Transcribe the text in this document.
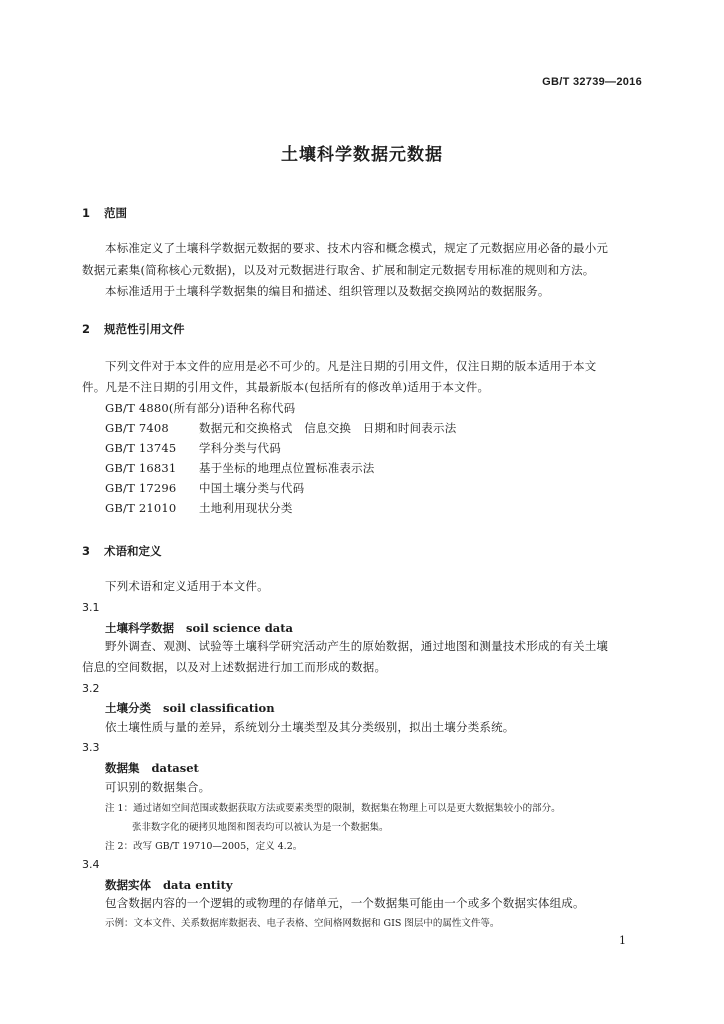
GB/T 32739—2016
土壤科学数据元数据
1 范围
本标准定义了土壤科学数据元数据的要求、技术内容和概念模式，规定了元数据应用必备的最小元
数据元素集(简称核心元数据)，以及对元数据进行取舍、扩展和制定元数据专用标准的规则和方法。
本标准适用于土壤科学数据集的编目和描述、组织管理以及数据交换网站的数据服务。
2 规范性引用文件
下列文件对于本文件的应用是必不可少的。凡是注日期的引用文件，仅注日期的版本适用于本文
件。凡是不注日期的引用文件，其最新版本(包括所有的修改单)适用于本文件。
GB/T 4880(所有部分)语种名称代码
GB/T 7408	数据元和交换格式　信息交换　日期和时间表示法
GB/T 13745 学科分类与代码
GB/T 16831 基于坐标的地理点位置标准表示法
GB/T 17296 中国土壤分类与代码
GB/T 21010 土地利用现状分类
3 术语和定义
下列术语和定义适用于本文件。
3.1
土壤科学数据 soil science data
野外调查、观测、试验等土壤科学研究活动产生的原始数据，通过地图和测量技术形成的有关土壤
信息的空间数据，以及对上述数据进行加工而形成的数据。
3.2
土壤分类 soil classification
依土壤性质与量的差异，系统划分土壤类型及其分类级别，拟出土壤分类系统。
3.3
数据集 dataset
可识别的数据集合。
注 1：通过诸如空间范围或数据获取方法或要素类型的限制，数据集在物理上可以是更大数据集较小的部分。
张非数字化的硬拷贝地图和图表均可以被认为是一个数据集。
注 2：改写 GB/T 19710—2005，定义 4.2。
3.4
数据实体 data entity
包含数据内容的一个逻辑的或物理的存储单元，一个数据集可能由一个或多个数据实体组成。
示例：文本文件、关系数据库数据表、电子表格、空间格网数据和 GIS 图层中的属性文件等。
1
